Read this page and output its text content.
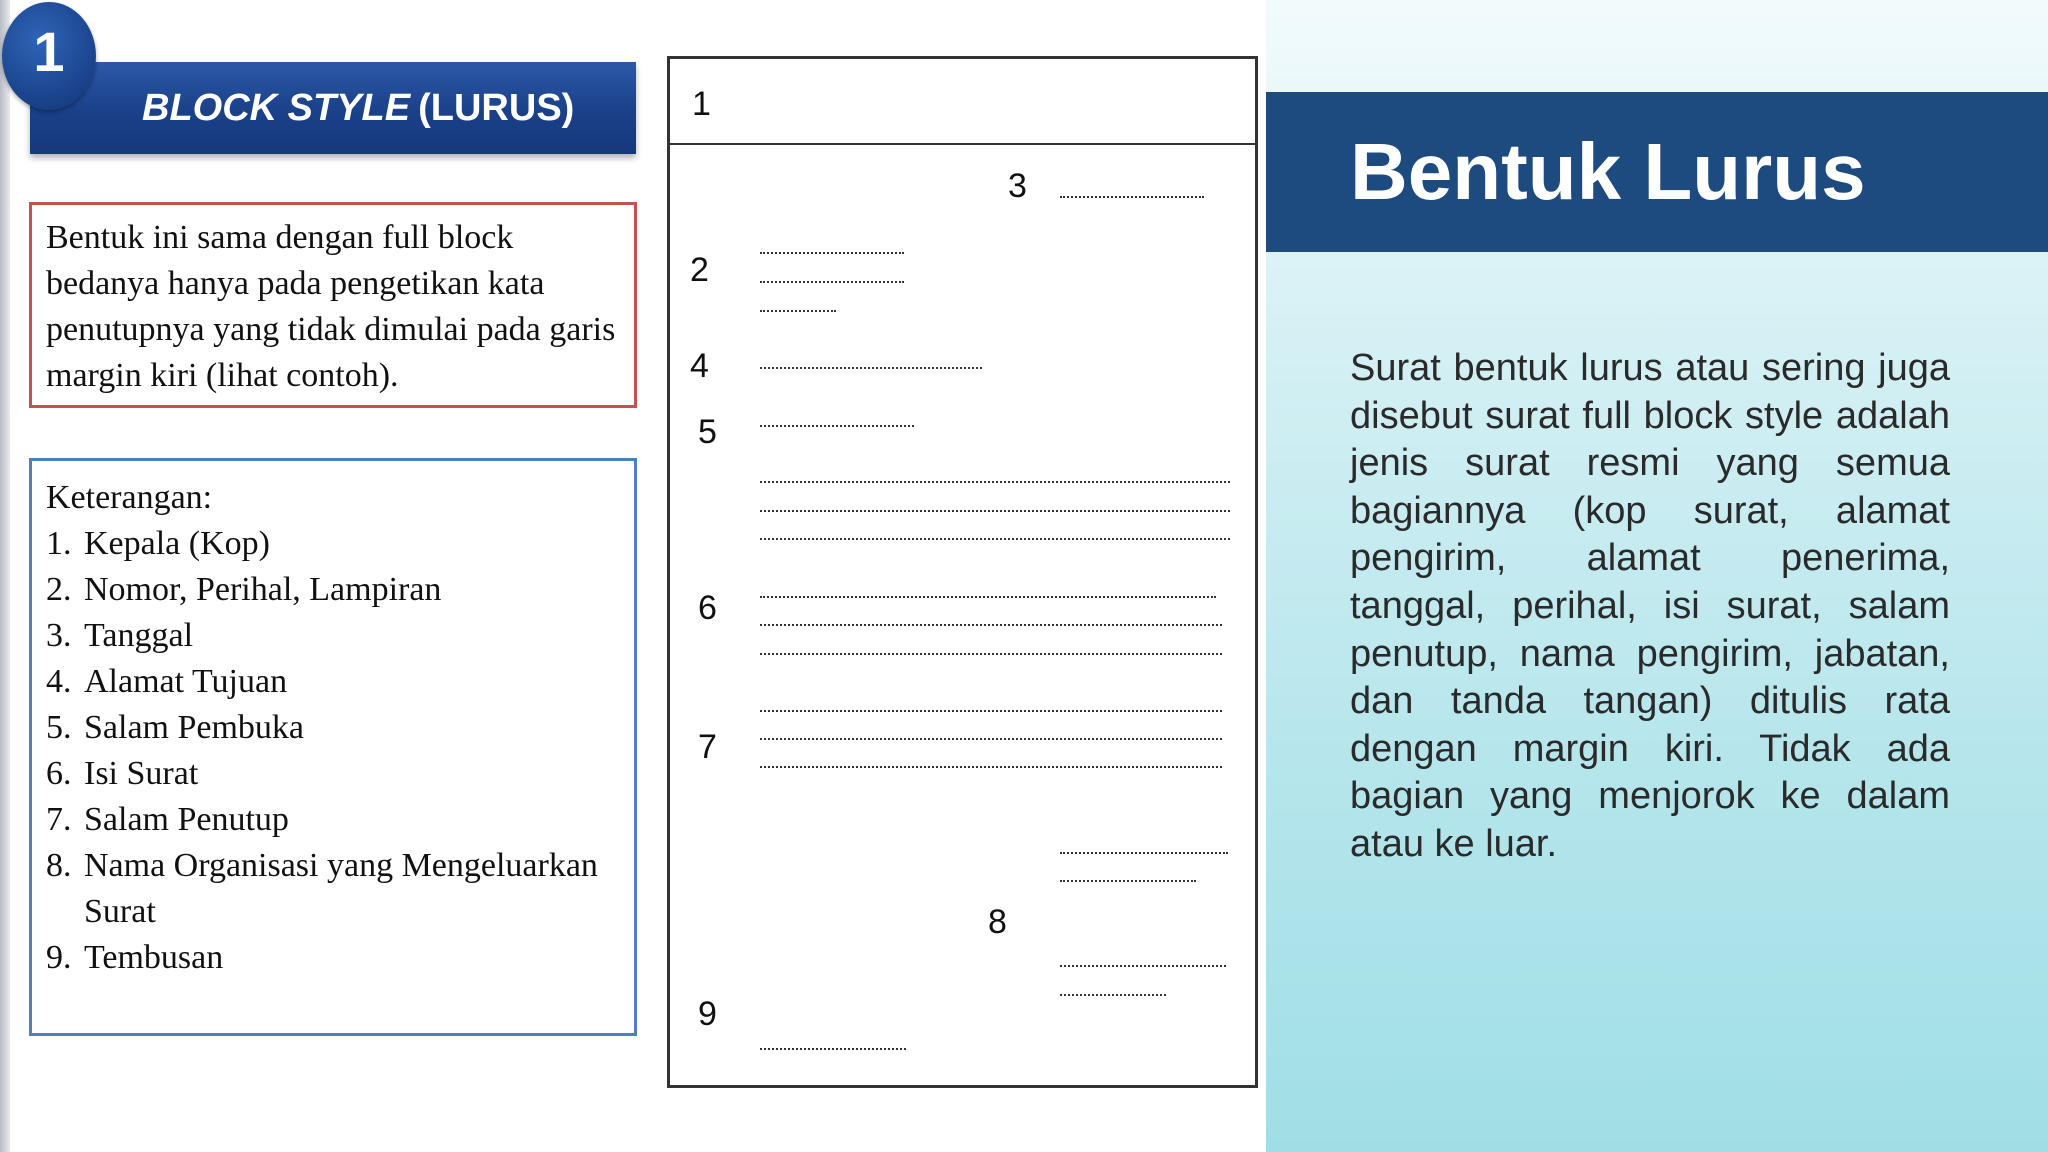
1
BLOCK STYLE (LURUS)
Bentuk ini sama dengan full block
bedanya hanya pada pengetikan kata
penutupnya yang tidak dimulai pada garis
margin kiri (lihat contoh).
Keterangan:
1. Kepala (Kop)
2. Nomor, Perihal, Lampiran
3. Tanggal
4. Alamat Tujuan
5. Salam Pembuka
6. Isi Surat
7. Salam Penutup
8. Nama Organisasi yang Mengeluarkan Surat
9. Tembusan
1
3
2
4
5
6
7
8
9
Bentuk Lurus
Surat bentuk lurus atau sering juga disebut surat full block style adalah jenis surat resmi yang semua bagiannya (kop surat, alamat pengirim, alamat penerima, tanggal, perihal, isi surat, salam penutup, nama pengirim, jabatan, dan tanda tangan) ditulis rata dengan margin kiri. Tidak ada bagian yang menjorok ke dalam atau ke luar.
